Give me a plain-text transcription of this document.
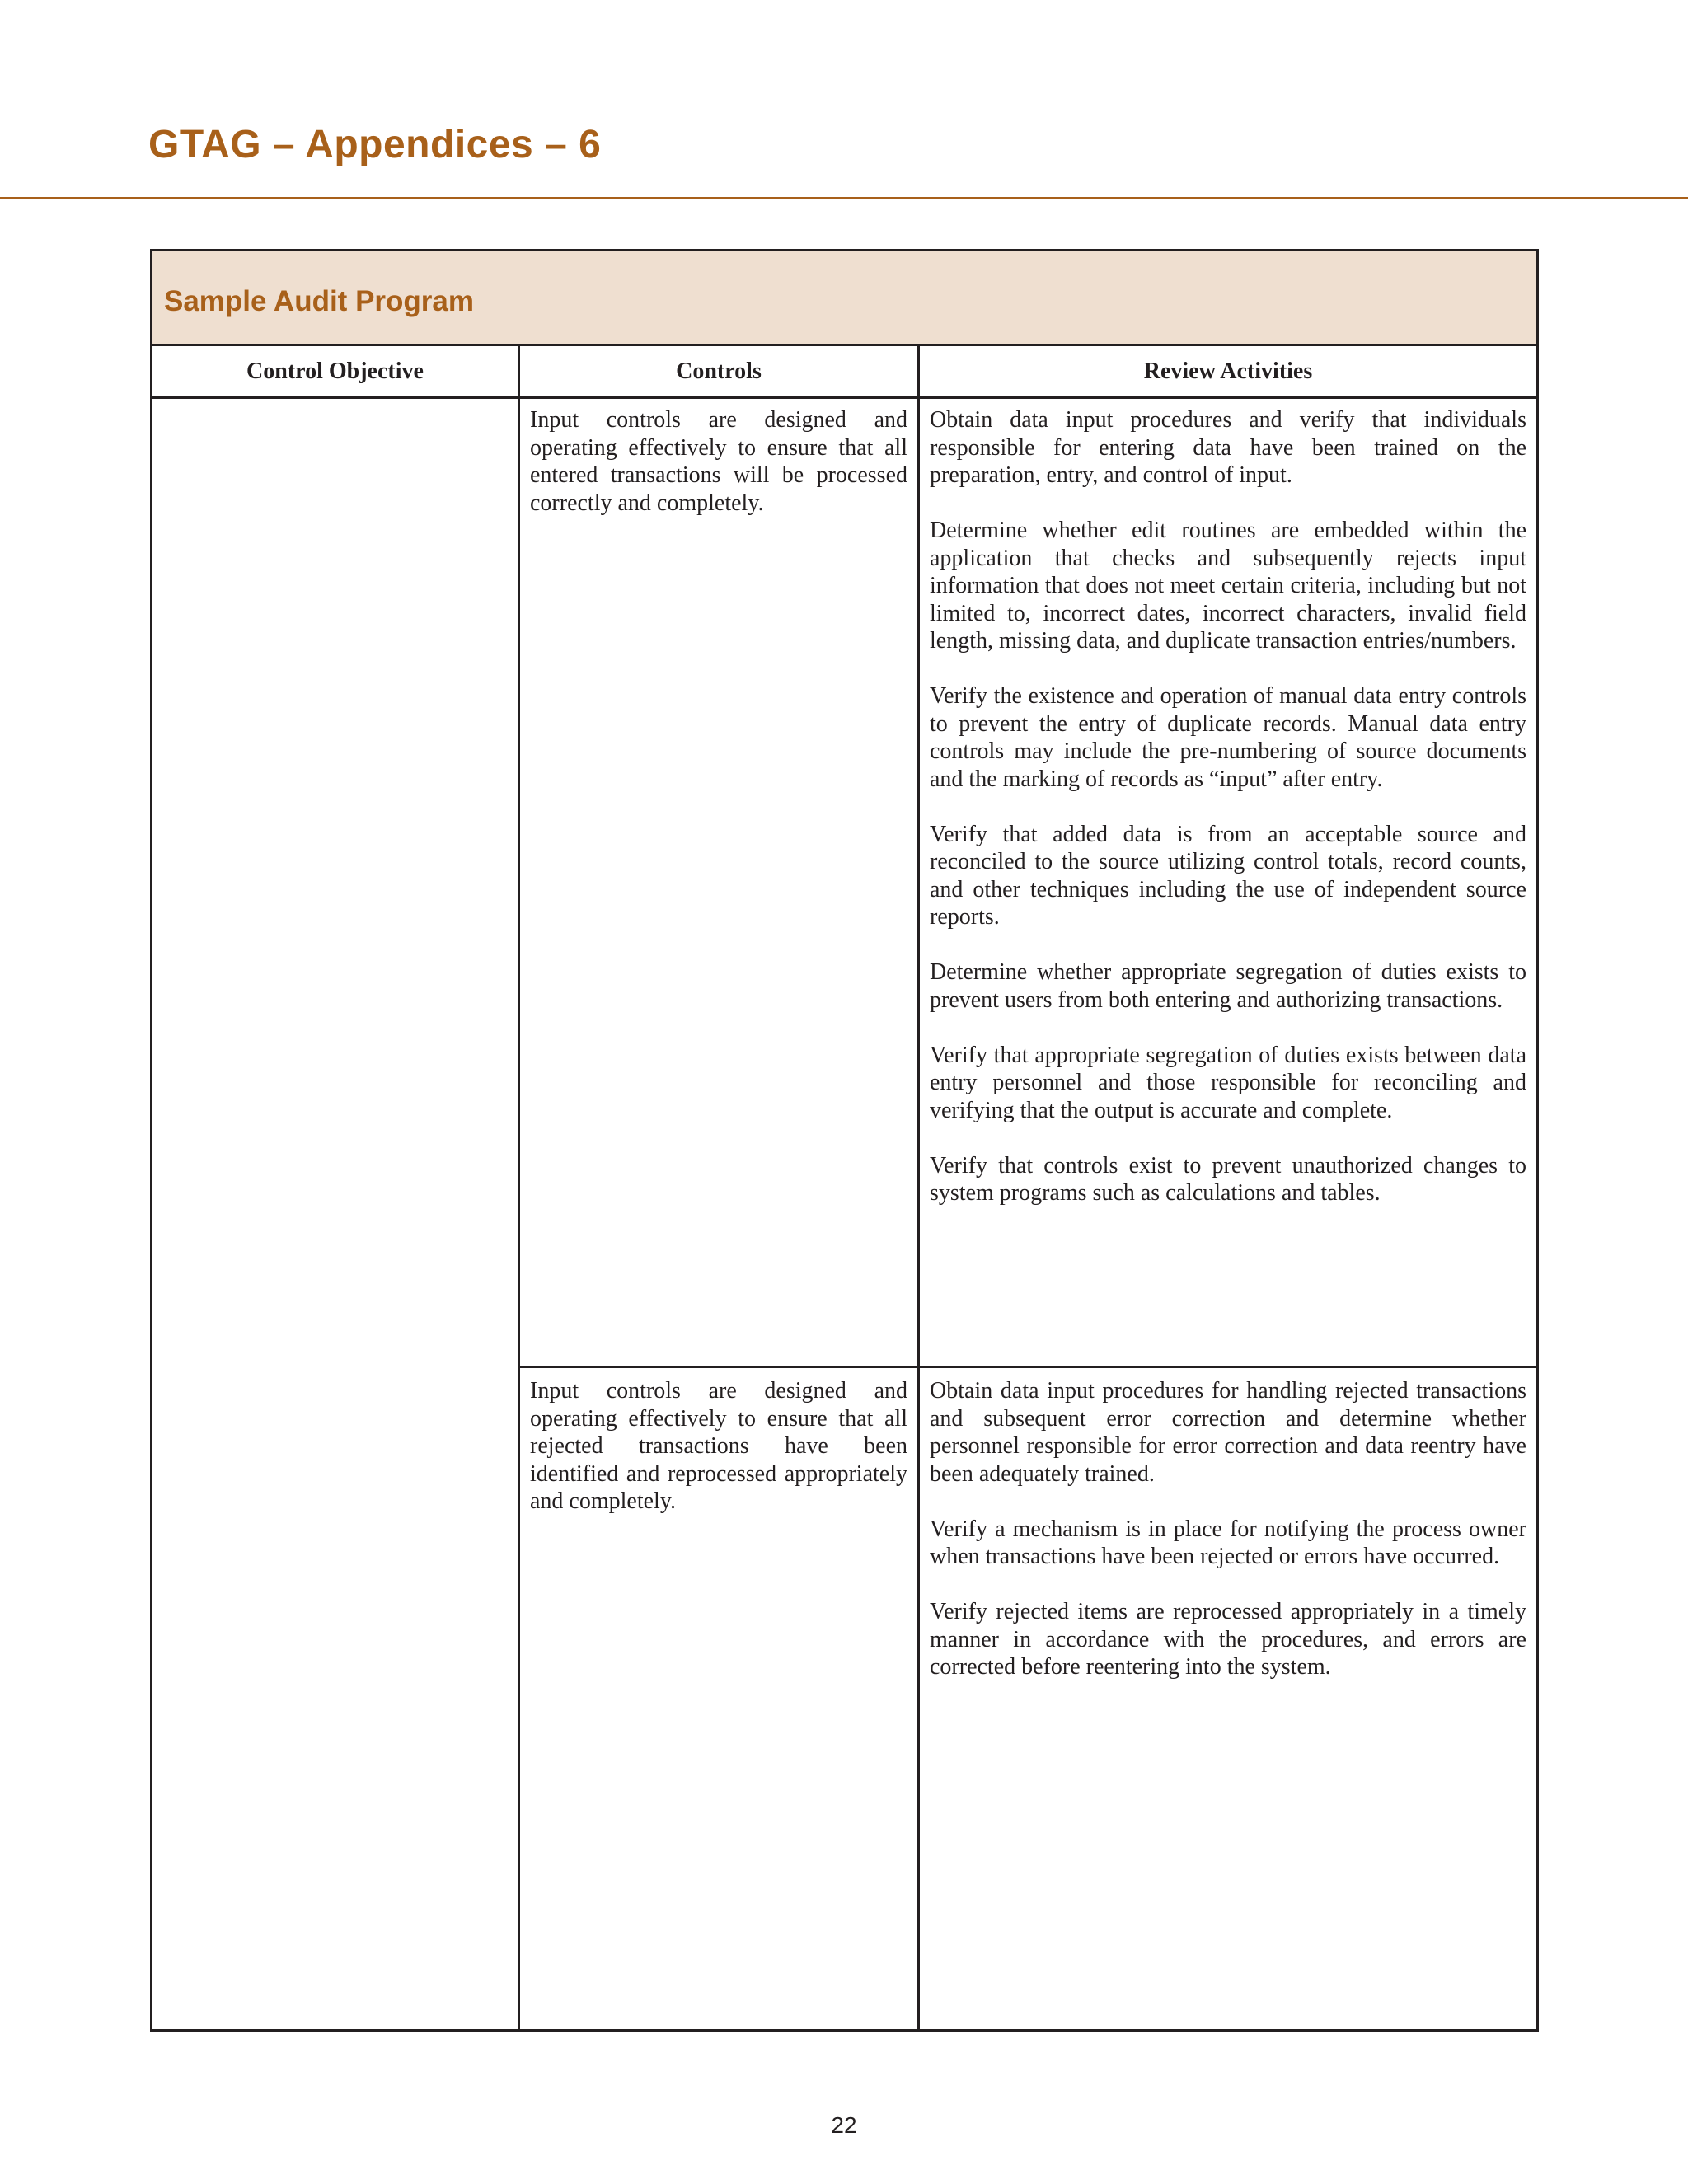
GTAG – Appendices – 6
Sample Audit Program
Control Objective	Controls	Review Activities
Input controls are designed and operating effectively to ensure that all entered transactions will be processed correctly and completely.

Obtain data input procedures and verify that individuals responsible for entering data have been trained on the preparation, entry, and control of input.

Determine whether edit routines are embedded within the application that checks and subsequently rejects input information that does not meet certain criteria, including but not limited to, incorrect dates, incorrect characters, invalid field length, missing data, and duplicate transaction entries/numbers.

Verify the existence and operation of manual data entry controls to prevent the entry of duplicate records. Manual data entry controls may include the pre-numbering of source documents and the marking of records as “input” after entry.

Verify that added data is from an acceptable source and reconciled to the source utilizing control totals, record counts, and other techniques including the use of independent source reports.

Determine whether appropriate segregation of duties exists to prevent users from both entering and authorizing transactions.

Verify that appropriate segregation of duties exists between data entry personnel and those responsible for reconciling and verifying that the output is accurate and complete.

Verify that controls exist to prevent unauthorized changes to system programs such as calculations and tables.

Input controls are designed and operating effectively to ensure that all rejected transactions have been identified and reprocessed appropriately and completely.

Obtain data input procedures for handling rejected transactions and subsequent error correction and determine whether personnel responsible for error correction and data reentry have been adequately trained.

Verify a mechanism is in place for notifying the process owner when transactions have been rejected or errors have occurred.

Verify rejected items are reprocessed appropriately in a timely manner in accordance with the procedures, and errors are corrected before reentering into the system.

22
